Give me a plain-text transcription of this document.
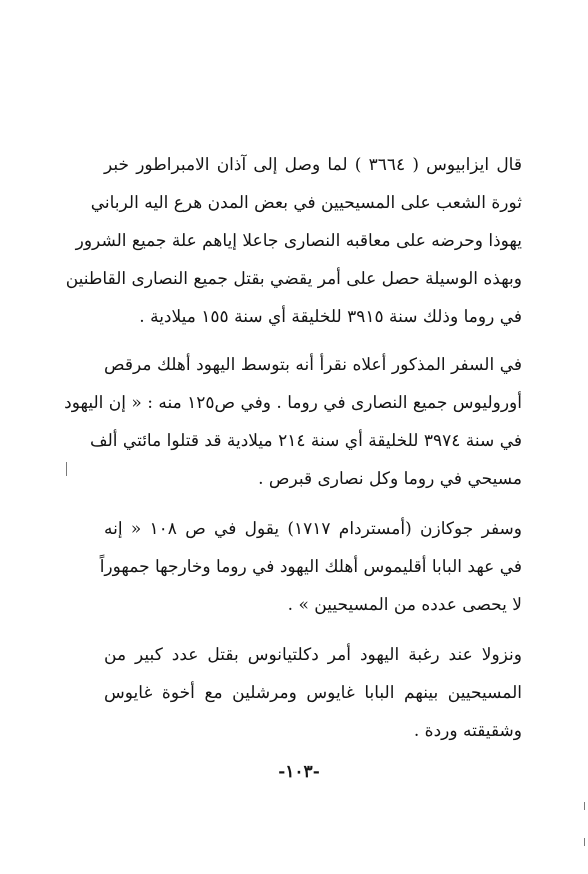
قال ايزابيوس ( ٣٦٦٤ ) لما وصل إلى آذان الامبراطور خبر
ثورة الشعب على المسيحيين في بعض المدن هرع اليه الرباني
يهوذا وحرضه على معاقبه النصارى جاعلا إياهم علة جميع الشرور
وبهذه الوسيلة حصل على أمر يقضي بقتل جميع النصارى القاطنين
في روما وذلك سنة ٣٩١٥ للخليقة أي سنة ١٥٥ ميلادية .
في السفر المذكور أعلاه نقرأ أنه بتوسط اليهود أهلك مرقص
أوروليوس جميع النصارى في روما . وفي ص١٢٥ منه : « إن اليهود
في سنة ٣٩٧٤ للخليقة أي سنة ٢١٤ ميلادية قد قتلوا مائتي ألف
مسيحي في روما وكل نصارى قبرص .
وسفر جوكازن (أمستردام ١٧١٧) يقول في ص ١٠٨ « إنه
في عهد البابا أقليموس أهلك اليهود في روما وخارجها جمهوراً
لا يحصى عدده من المسيحيين » .
ونزولا عند رغبة اليهود أمر دكلتيانوس بقتل عدد كبير من
المسيحيين بينهم البابا غايوس ومرشلين مع أخوة غايوس
وشقيقته وردة .
-١٠٣-
